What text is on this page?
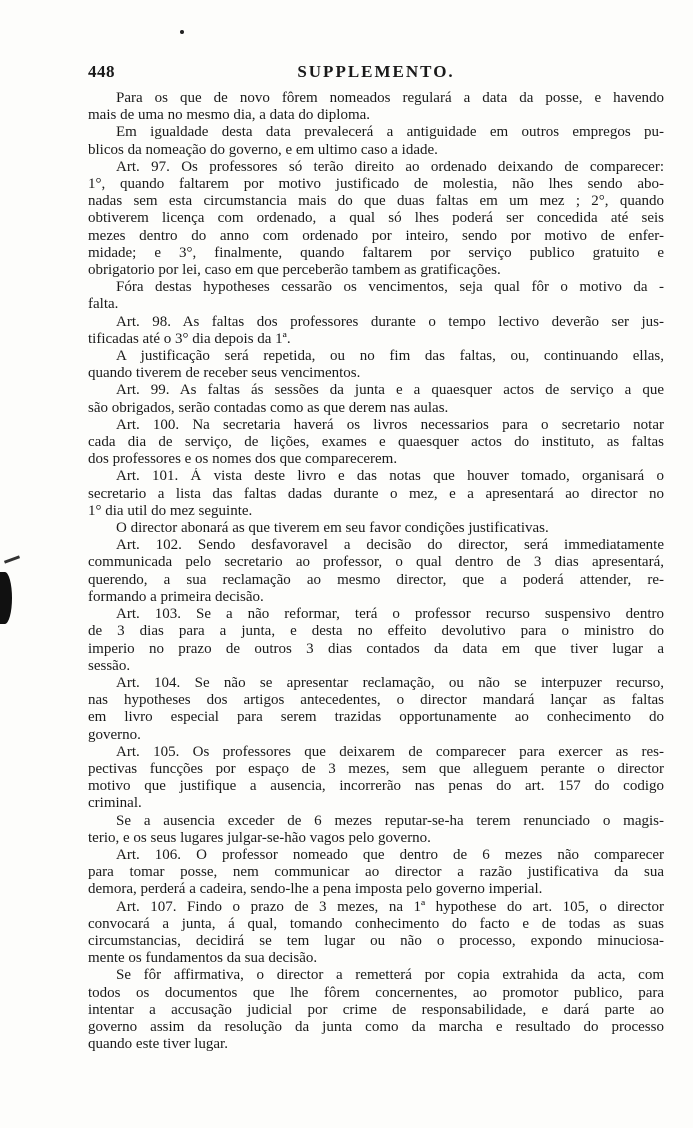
448	SUPPLEMENTO.
Para os que de novo fôrem nomeados regulará a data da posse, e havendo
mais de uma no mesmo dia, a data do diploma.
Em igualdade desta data prevalecerá a antiguidade em outros empregos pu-
blicos da nomeação do governo, e em ultimo caso a idade.
Art. 97. Os professores só terão direito ao ordenado deixando de comparecer:
1°, quando faltarem por motivo justificado de molestia, não lhes sendo abo-
nadas sem esta circumstancia mais do que duas faltas em um mez ; 2°, quando
obtiverem licença com ordenado, a qual só lhes poderá ser concedida até seis
mezes dentro do anno com ordenado por inteiro, sendo por motivo de enfer-
midade; e 3°, finalmente, quando faltarem por serviço publico gratuito e
obrigatorio por lei, caso em que perceberão tambem as gratificações.
Fóra destas hypotheses cessarão os vencimentos, seja qual fôr o motivo da -
falta.
Art. 98. As faltas dos professores durante o tempo lectivo deverão ser jus-
tificadas até o 3° dia depois da 1ª.
A justificação será repetida, ou no fim das faltas, ou, continuando ellas,
quando tiverem de receber seus vencimentos.
Art. 99. As faltas ás sessões da junta e a quaesquer actos de serviço a que
são obrigados, serão contadas como as que derem nas aulas.
Art. 100. Na secretaria haverá os livros necessarios para o secretario notar
cada dia de serviço, de lições, exames e quaesquer actos do instituto, as faltas
dos professores e os nomes dos que comparecerem.
Art. 101. Á vista deste livro e das notas que houver tomado, organisará o
secretario a lista das faltas dadas durante o mez, e a apresentará ao director no
1° dia util do mez seguinte.
O director abonará as que tiverem em seu favor condições justificativas.
Art. 102. Sendo desfavoravel a decisão do director, será immediatamente
communicada pelo secretario ao professor, o qual dentro de 3 dias apresentará,
querendo, a sua reclamação ao mesmo director, que a poderá attender, re-
formando a primeira decisão.
Art. 103. Se a não reformar, terá o professor recurso suspensivo dentro
de 3 dias para a junta, e desta no effeito devolutivo para o ministro do
imperio no prazo de outros 3 dias contados da data em que tiver lugar a
sessão.
Art. 104. Se não se apresentar reclamação, ou não se interpuzer recurso,
nas hypotheses dos artigos antecedentes, o director mandará lançar as faltas
em livro especial para serem trazidas opportunamente ao conhecimento do
governo.
Art. 105. Os professores que deixarem de comparecer para exercer as res-
pectivas funcções por espaço de 3 mezes, sem que alleguem perante o director
motivo que justifique a ausencia, incorrerão nas penas do art. 157 do codigo
criminal.
Se a ausencia exceder de 6 mezes reputar-se-ha terem renunciado o magis-
terio, e os seus lugares julgar-se-hão vagos pelo governo.
Art. 106. O professor nomeado que dentro de 6 mezes não comparecer
para tomar posse, nem communicar ao director a razão justificativa da sua
demora, perderá a cadeira, sendo-lhe a pena imposta pelo governo imperial.
Art. 107. Findo o prazo de 3 mezes, na 1ª hypothese do art. 105, o director
convocará a junta, á qual, tomando conhecimento do facto e de todas as suas
circumstancias, decidirá se tem lugar ou não o processo, expondo minuciosa-
mente os fundamentos da sua decisão.
Se fôr affirmativa, o director a remetterá por copia extrahida da acta, com
todos os documentos que lhe fôrem concernentes, ao promotor publico, para
intentar a accusação judicial por crime de responsabilidade, e dará parte ao
governo assim da resolução da junta como da marcha e resultado do processo
quando este tiver lugar.
